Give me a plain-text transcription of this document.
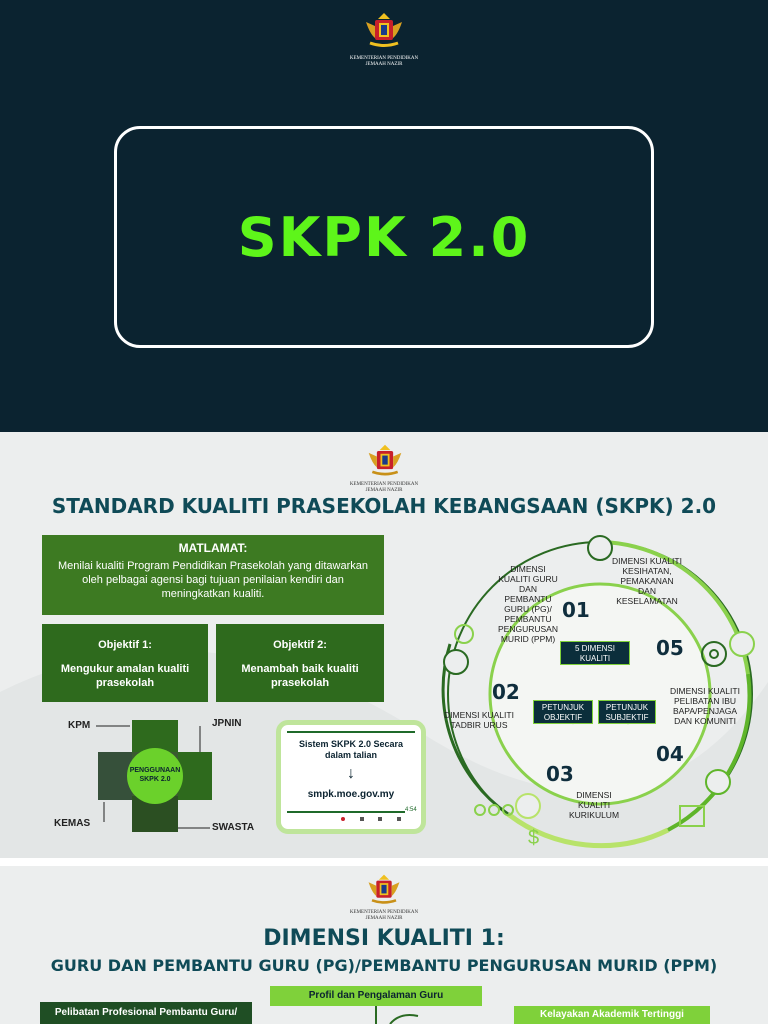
KEMENTERIAN PENDIDIKAN
JEMAAH NAZIR
SKPK 2.0
KEMENTERIAN PENDIDIKAN
JEMAAH NAZIR
STANDARD KUALITI PRASEKOLAH KEBANGSAAN (SKPK) 2.0
MATLAMAT:
Menilai kualiti Program Pendidikan Prasekolah yang ditawarkan oleh pelbagai agensi bagi tujuan penilaian kendiri dan meningkatkan kualiti.
Objektif 1:
Mengukur amalan kualiti prasekolah
Objektif 2:
Menambah baik kualiti prasekolah
PENGGUNAAN SKPK 2.0
KPM	JPNIN
KEMAS	SWASTA
Sistem SKPK 2.0 Secara dalam talian
↓
smpk.moe.gov.my
4:54
$
5 DIMENSI KUALITI
PETUNJUK OBJEKTIF
PETUNJUK SUBJEKTIF
01
DIMENSI KUALITI GURU DAN PEMBANTU GURU (PG)/ PEMBANTU PENGURUSAN MURID (PPM)
02
DIMENSI KUALITI TADBIR URUS
03
DIMENSI KUALITI KURIKULUM
04
DIMENSI KUALITI PELIBATAN IBU BAPA/PENJAGA DAN KOMUNITI
05
DIMENSI KUALITI KESIHATAN, PEMAKANAN DAN KESELAMATAN
KEMENTERIAN PENDIDIKAN
JEMAAH NAZIR
DIMENSI KUALITI 1:
GURU DAN PEMBANTU GURU (PG)/PEMBANTU PENGURUSAN MURID (PPM)
Profil dan Pengalaman Guru
Pelibatan Profesional Pembantu Guru/	Kelayakan Akademik Tertinggi
